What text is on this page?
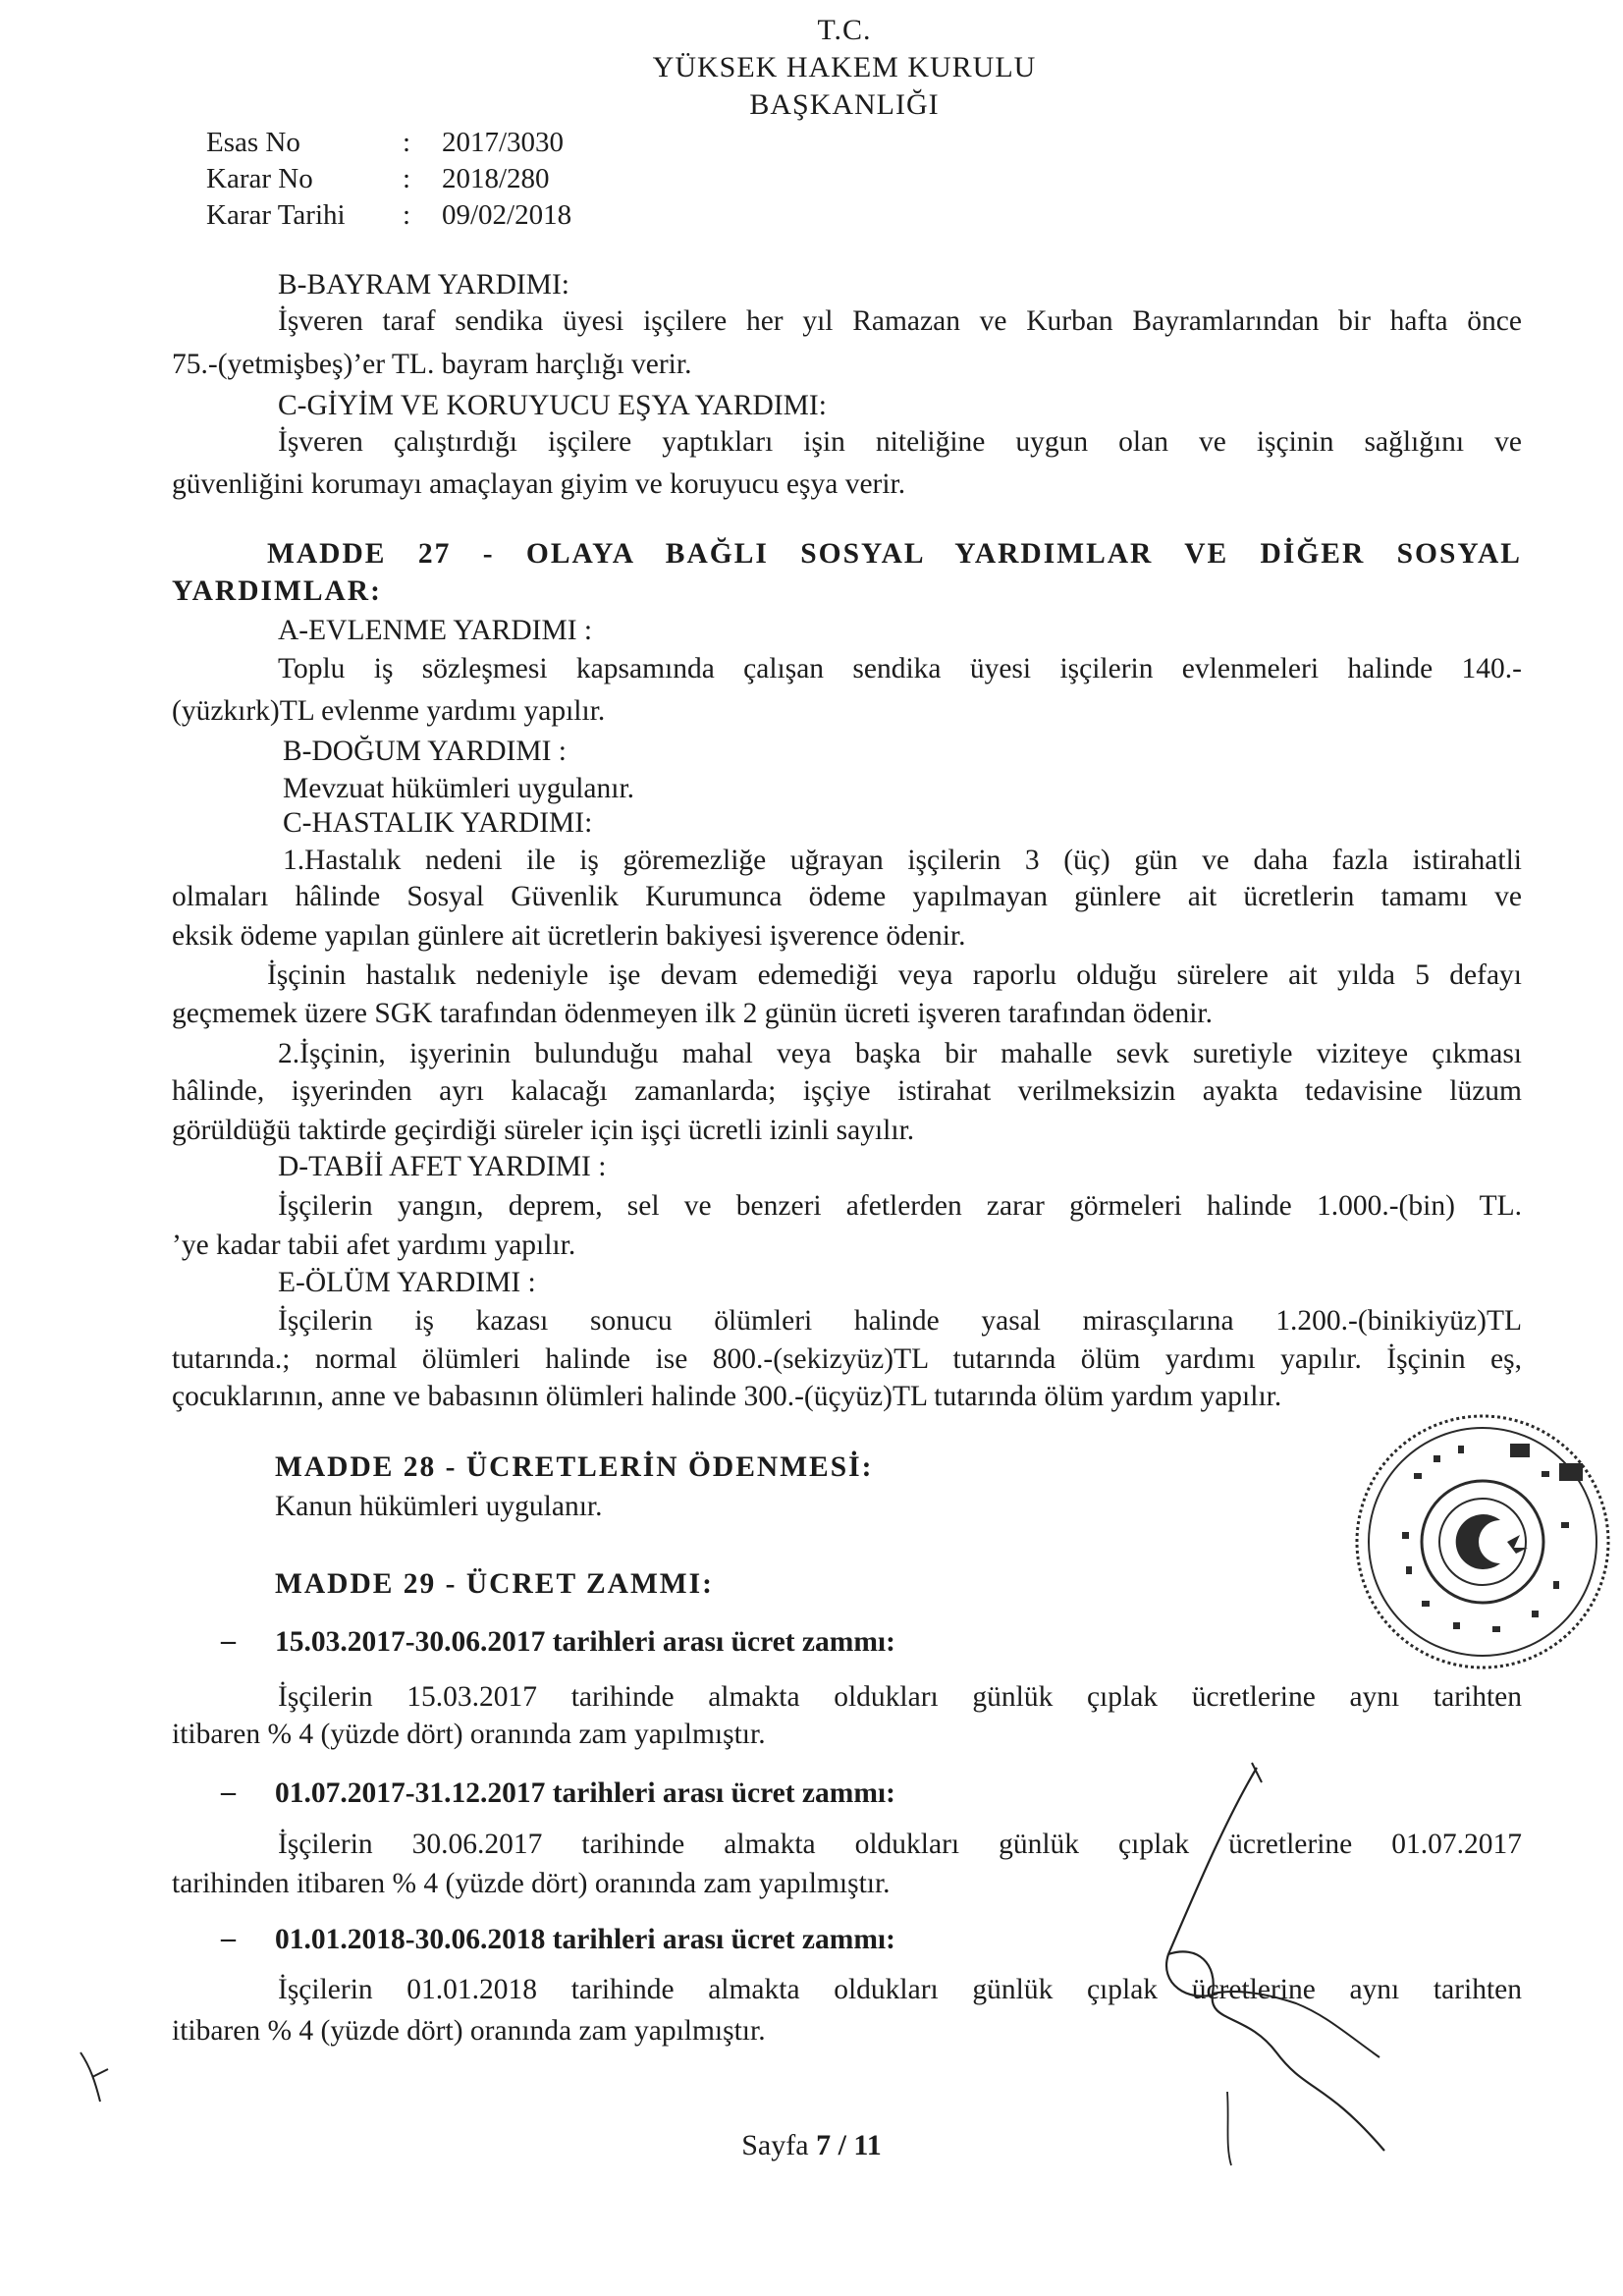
T.C.
YÜKSEK HAKEM KURULU
BAŞKANLIĞI
Esas No	:	2017/3030
Karar No	:	2018/280
Karar Tarihi	:	09/02/2018
B-BAYRAM YARDIMI:
İşveren taraf sendika üyesi işçilere her yıl Ramazan ve Kurban Bayramlarından bir hafta önce
75.-(yetmişbeş)’er TL. bayram harçlığı verir.
C-GİYİM VE KORUYUCU EŞYA YARDIMI:
İşveren çalıştırdığı işçilere yaptıkları işin niteliğine uygun olan ve işçinin sağlığını ve
güvenliğini korumayı amaçlayan giyim ve koruyucu eşya verir.
MADDE 27 - OLAYA BAĞLI SOSYAL YARDIMLAR VE DİĞER SOSYAL
YARDIMLAR:
A-EVLENME YARDIMI :
Toplu iş sözleşmesi kapsamında çalışan sendika üyesi işçilerin evlenmeleri halinde 140.-
(yüzkırk)TL evlenme yardımı yapılır.
B-DOĞUM YARDIMI :
Mevzuat hükümleri uygulanır.
C-HASTALIK YARDIMI:
1.Hastalık nedeni ile iş göremezliğe uğrayan işçilerin 3 (üç) gün ve daha fazla istirahatli
olmaları hâlinde Sosyal Güvenlik Kurumunca ödeme yapılmayan günlere ait ücretlerin tamamı ve
eksik ödeme yapılan günlere ait ücretlerin bakiyesi işverence ödenir.
İşçinin hastalık nedeniyle işe devam edemediği veya raporlu olduğu sürelere ait yılda 5 defayı
geçmemek üzere SGK tarafından ödenmeyen ilk 2 günün ücreti işveren tarafından ödenir.
2.İşçinin, işyerinin bulunduğu mahal veya başka bir mahalle sevk suretiyle viziteye çıkması
hâlinde, işyerinden ayrı kalacağı zamanlarda; işçiye istirahat verilmeksizin ayakta tedavisine lüzum
görüldüğü taktirde geçirdiği süreler için işçi ücretli izinli sayılır.
D-TABİİ AFET YARDIMI :
İşçilerin yangın, deprem, sel ve benzeri afetlerden zarar görmeleri halinde 1.000.-(bin) TL.
’ye kadar tabii afet yardımı yapılır.
E-ÖLÜM YARDIMI :
İşçilerin iş kazası sonucu ölümleri halinde yasal mirasçılarına 1.200.-(binikiyüz)TL
tutarında.; normal ölümleri halinde ise 800.-(sekizyüz)TL tutarında ölüm yardımı yapılır. İşçinin eş,
çocuklarının, anne ve babasının ölümleri halinde 300.-(üçyüz)TL tutarında ölüm yardım yapılır.
MADDE 28 - ÜCRETLERİN ÖDENMESİ:
Kanun hükümleri uygulanır.
MADDE 29 - ÜCRET ZAMMI:
– 15.03.2017-30.06.2017 tarihleri arası ücret zammı:
İşçilerin 15.03.2017 tarihinde almakta oldukları günlük çıplak ücretlerine aynı tarihten
itibaren % 4 (yüzde dört) oranında zam yapılmıştır.
– 01.07.2017-31.12.2017 tarihleri arası ücret zammı:
İşçilerin 30.06.2017 tarihinde almakta oldukları günlük çıplak ücretlerine 01.07.2017
tarihinden itibaren % 4 (yüzde dört) oranında zam yapılmıştır.
– 01.01.2018-30.06.2018 tarihleri arası ücret zammı:
İşçilerin 01.01.2018 tarihinde almakta oldukları günlük çıplak ücretlerine aynı tarihten
itibaren % 4 (yüzde dört) oranında zam yapılmıştır.
Sayfa 7 / 11
